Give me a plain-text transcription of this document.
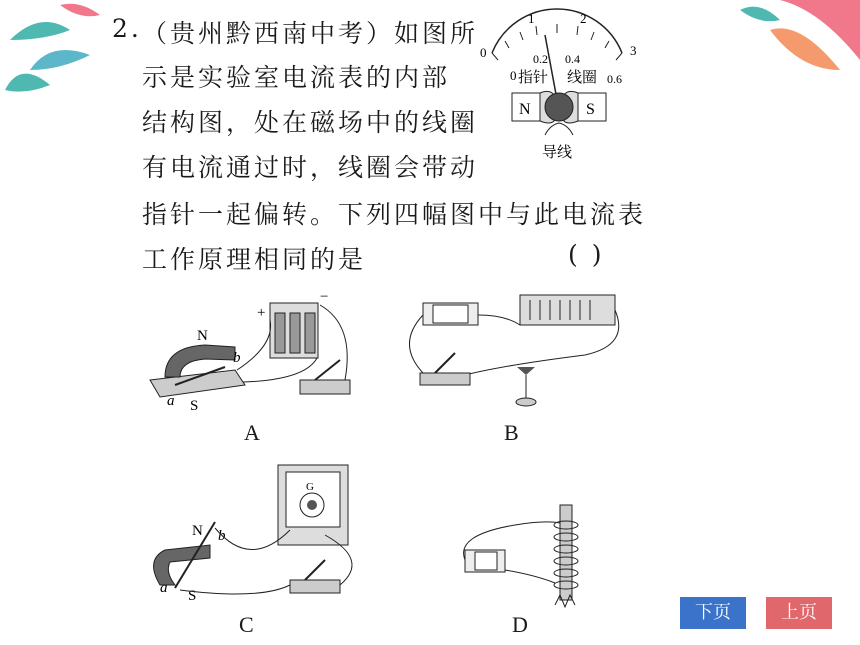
2. （贵州黔西南中考）如图所
示是实验室电流表的内部
结构图，处在磁场中的线圈
有电流通过时，线圈会带动
指针一起偏转。下列四幅图中与此电流表
工作原理相同的是	( )
0
1	2
3
0
0.2 0.4
0.6
指针 线圈
N	S
导线
+
−
N
S
a
b
A	B
G
N
S
a
b
C	D	下页	上页
